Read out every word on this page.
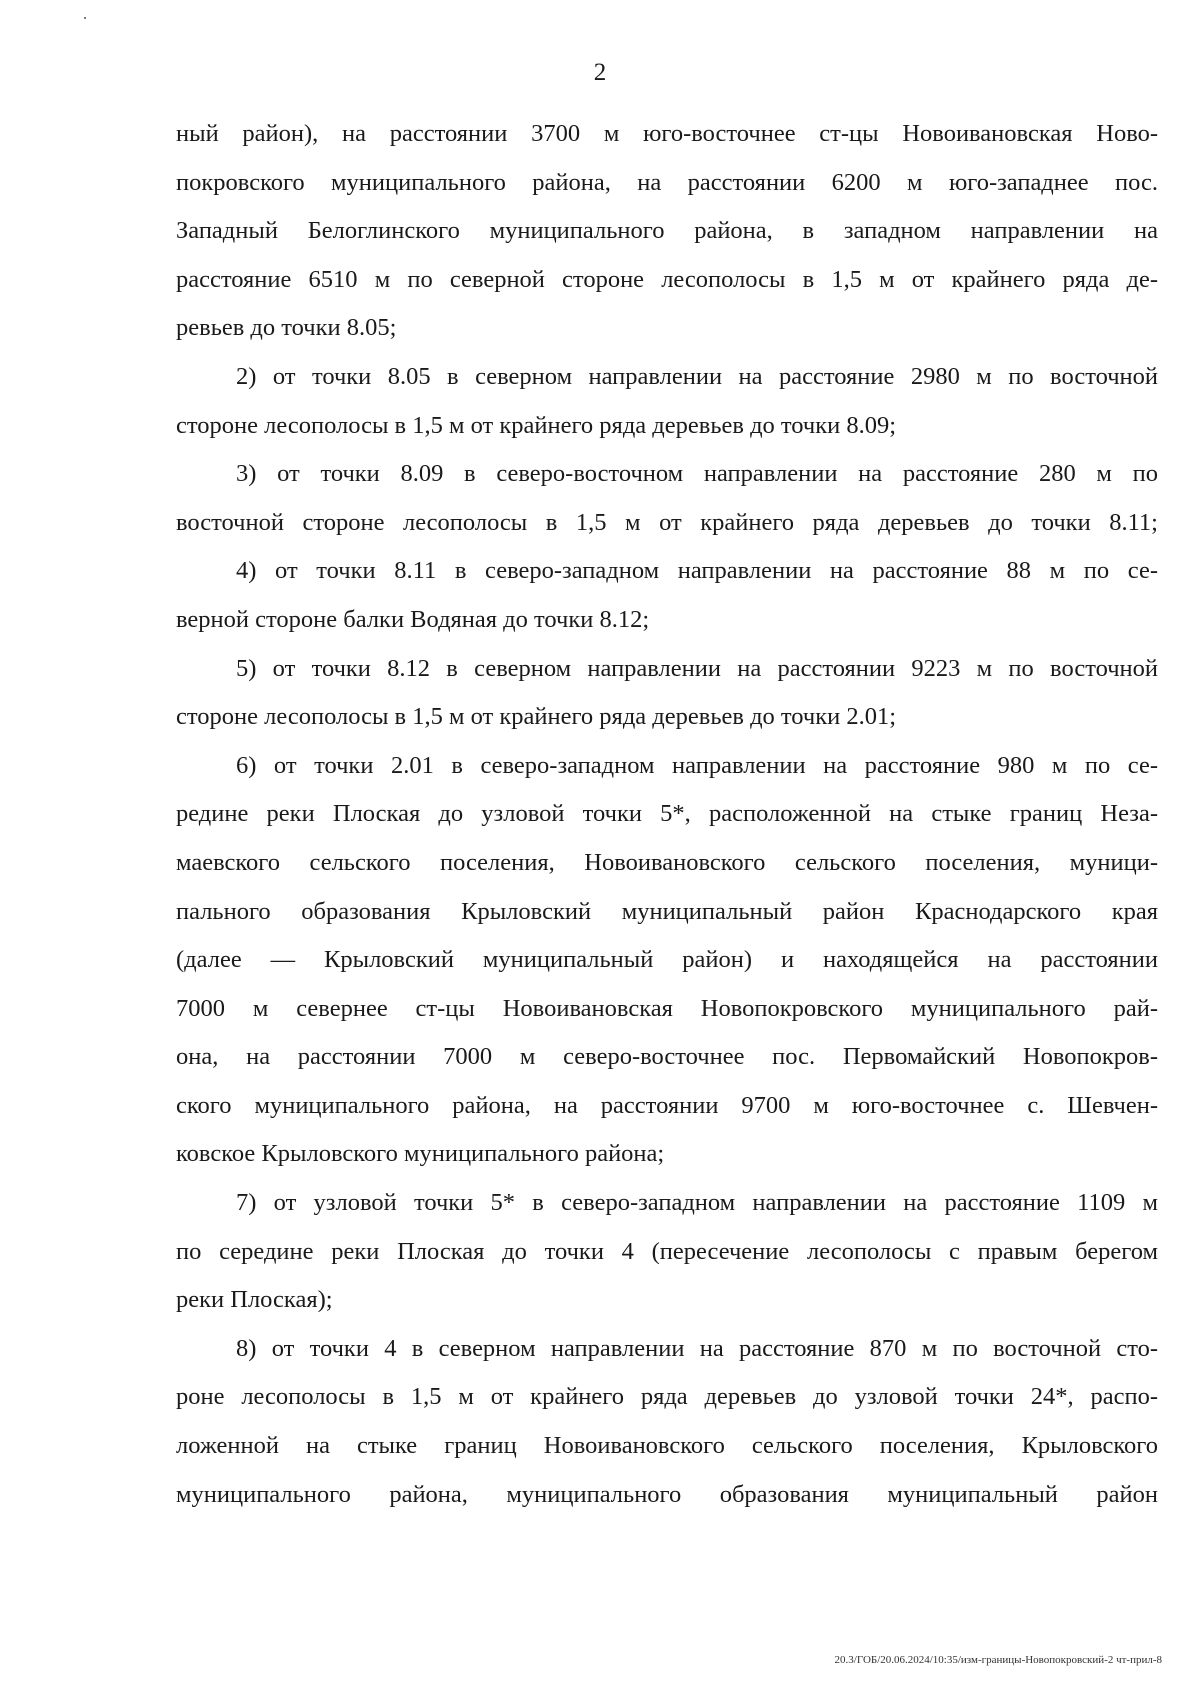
2

ный район), на расстоянии 3700 м юго-восточнее ст-цы Новоивановская Ново-

покровского муниципального района, на расстоянии 6200 м юго-западнее пос.

Западный Белоглинского муниципального района, в западном направлении на

расстояние 6510 м по северной стороне лесополосы в 1,5 м от крайнего ряда де-

ревьев до точки 8.05;

2) от точки 8.05 в северном направлении на расстояние 2980 м по восточной

стороне лесополосы в 1,5 м от крайнего ряда деревьев до точки 8.09;

3) от точки 8.09 в северо-восточном направлении на расстояние 280 м по

восточной стороне лесополосы в 1,5 м от крайнего ряда деревьев до точки 8.11;

4) от точки 8.11 в северо-западном направлении на расстояние 88 м по се-

верной стороне балки Водяная до точки 8.12;

5) от точки 8.12 в северном направлении на расстоянии 9223 м по восточной

стороне лесополосы в 1,5 м от крайнего ряда деревьев до точки 2.01;

6) от точки 2.01 в северо-западном направлении на расстояние 980 м по се-

редине реки Плоская до узловой точки 5*, расположенной на стыке границ Неза-

маевского сельского поселения, Новоивановского сельского поселения, муници-

пального образования Крыловский муниципальный район Краснодарского края

(далее — Крыловский муниципальный район) и находящейся на расстоянии

7000 м севернее ст-цы Новоивановская Новопокровского муниципального рай-

она, на расстоянии 7000 м северо-восточнее пос. Первомайский Новопокров-

ского муниципального района, на расстоянии 9700 м юго-восточнее с. Шевчен-

ковское Крыловского муниципального района;

7) от узловой точки 5* в северо-западном направлении на расстояние 1109 м

по середине реки Плоская до точки 4 (пересечение лесополосы с правым берегом

реки Плоская);

8) от точки 4 в северном направлении на расстояние 870 м по восточной сто-

роне лесополосы в 1,5 м от крайнего ряда деревьев до узловой точки 24*, распо-

ложенной на стыке границ Новоивановского сельского поселения, Крыловского

муниципального района, муниципального образования муниципальный район

20.3/ГОБ/20.06.2024/10:35/изм-границы-Новопокровский-2 чт-прил-8
